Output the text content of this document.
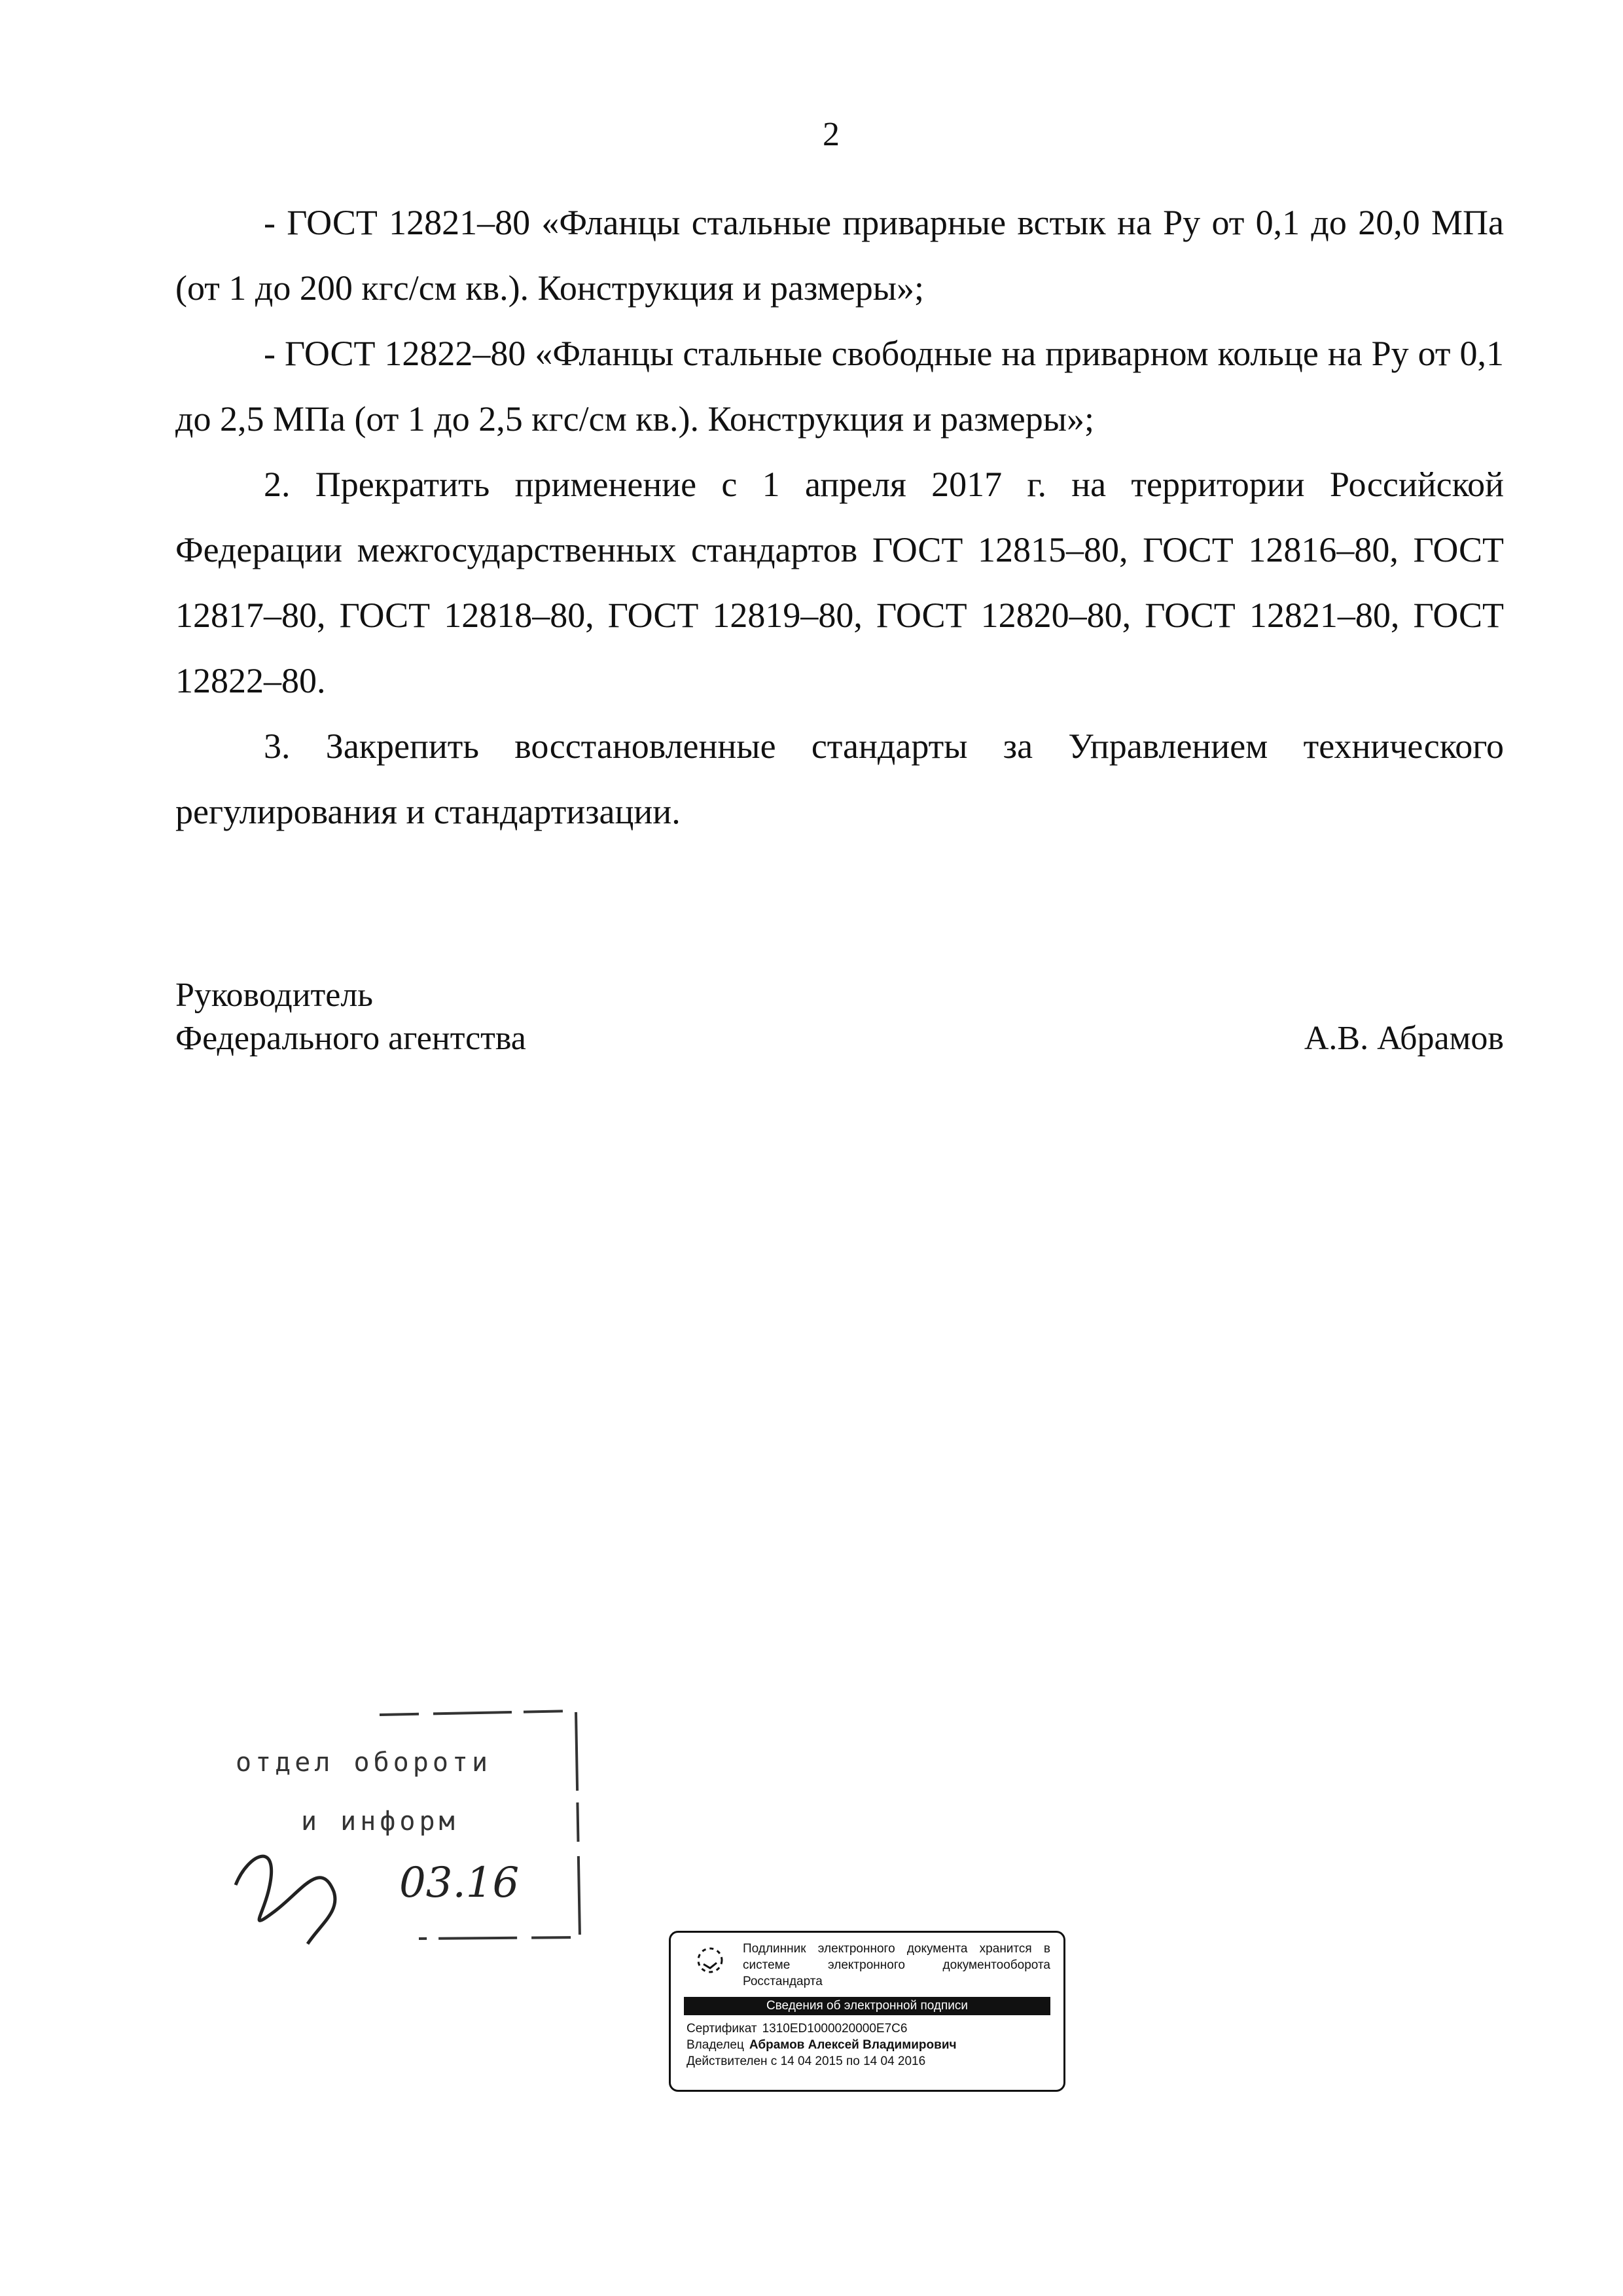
2

- ГОСТ 12821–80 «Фланцы стальные приварные встык на Ру от 0,1 до 20,0 МПа (от 1 до 200 кгс/см кв.). Конструкция и размеры»;

- ГОСТ 12822–80 «Фланцы стальные свободные на приварном кольце на Ру от 0,1 до 2,5 МПа (от 1 до 2,5 кгс/см кв.). Конструкция и размеры»;

2. Прекратить применение с 1 апреля 2017 г. на территории Российской Федерации межгосударственных стандартов ГОСТ 12815–80, ГОСТ 12816–80, ГОСТ 12817–80, ГОСТ 12818–80, ГОСТ 12819–80, ГОСТ 12820–80, ГОСТ 12821–80, ГОСТ 12822–80.

3. Закрепить восстановленные стандарты за Управлением технического регулирования и стандартизации.

Руководитель
Федерального агентства	А.В. Абрамов
отдел обороти
и информ
03.16
Подлинник электронного документа хранится в системе электронного документооборота Росстандарта
Сведения об электронной подписи
Сертификат 1310ED1000020000E7C6
Владелец Абрамов Алексей Владимирович
Действителен с 14 04 2015 по 14 04 2016
